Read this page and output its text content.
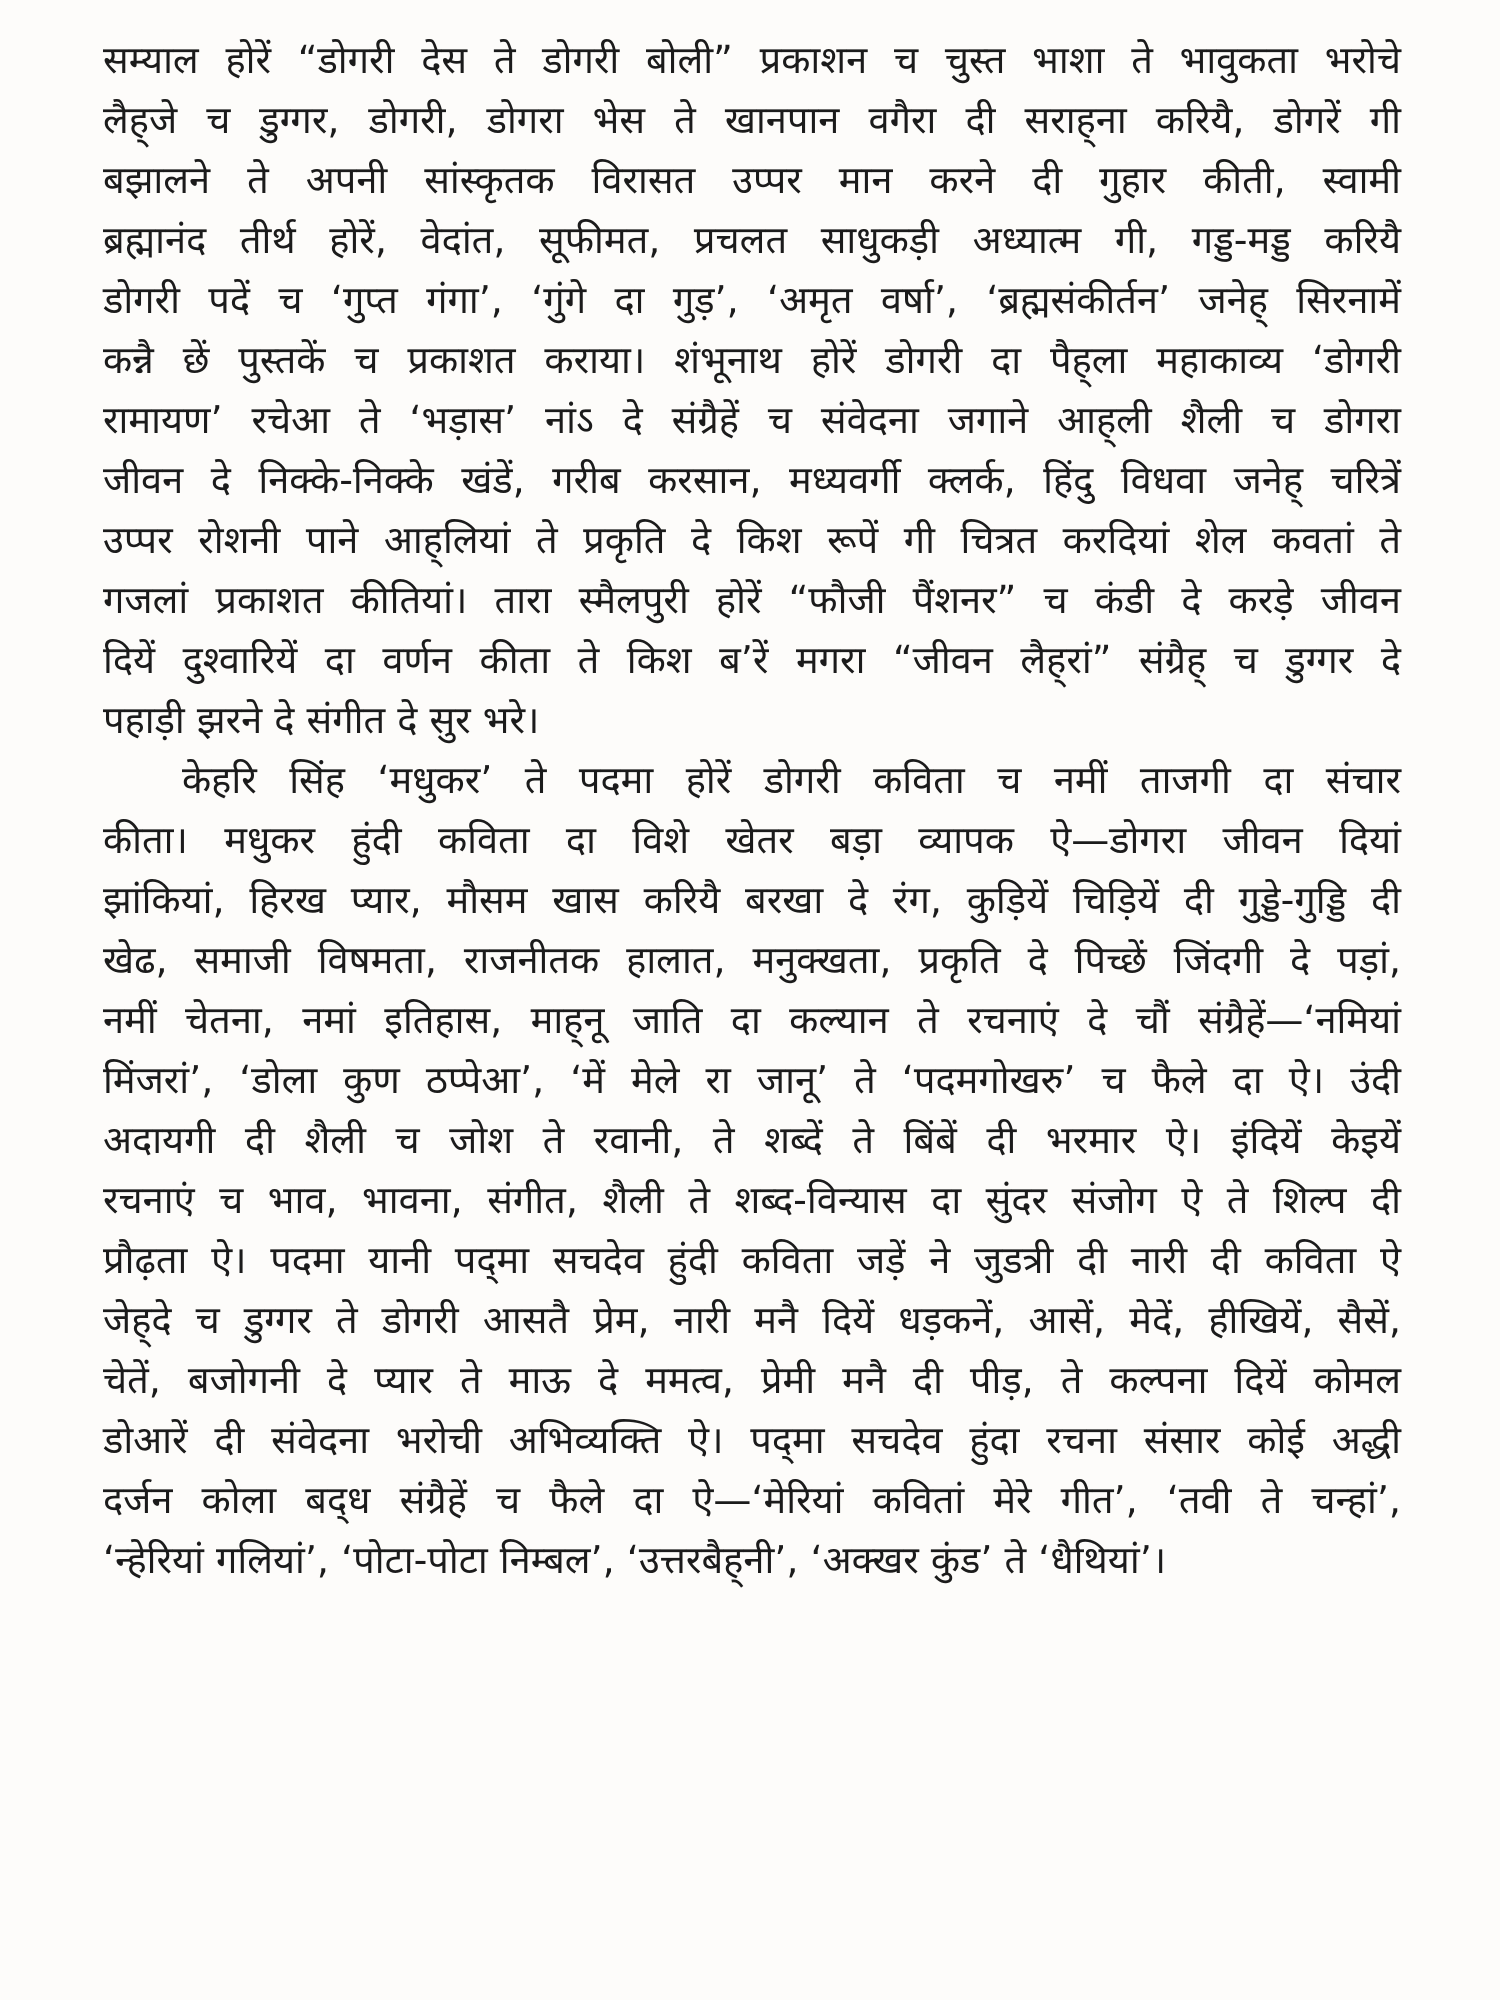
सम्याल होरें “डोगरी देस ते डोगरी बोली” प्रकाशन च चुस्त भाशा ते भावुकता भरोचे
लैह्‌जे च डुग्गर, डोगरी, डोगरा भेस ते खानपान वगैरा दी सराह्‌ना करियै, डोगरें गी
बझालने ते अपनी सांस्कृतक विरासत उप्पर मान करने दी गुहार कीती, स्वामी
ब्रह्मानंद तीर्थ होरें, वेदांत, सूफीमत, प्रचलत साधुकड़ी अध्यात्म गी, गड्ड-मड्ड करियै
डोगरी पदें च ‘गुप्त गंगा’, ‘गुंगे दा गुड़’, ‘अमृत वर्षा’, ‘ब्रह्मसंकीर्तन’ जनेह्‌ सिरनामें
कन्नै छें पुस्तकें च प्रकाशत कराया। शंभूनाथ होरें डोगरी दा पैह्‌ला महाकाव्य ‘डोगरी
रामायण’ रचेआ ते ‘भड़ास’ नांऽ दे संग्रैहें च संवेदना जगाने आह्‌ली शैली च डोगरा
जीवन दे निक्के-निक्के खंडें, गरीब करसान, मध्यवर्गी क्लर्क, हिंदु विधवा जनेह्‌ चरित्रें
उप्पर रोशनी पाने आह्‌लियां ते प्रकृति दे किश रूपें गी चित्रत करदियां शेल कवतां ते
गजलां प्रकाशत कीतियां। तारा स्मैलपुरी होरें “फौजी पैंशनर” च कंडी दे करड़े जीवन
दियें दुश्वारियें दा वर्णन कीता ते किश ब’रें मगरा “जीवन लैह्‌रां” संग्रैह्‌ च डुग्गर दे
पहाड़ी झरने दे संगीत दे सुर भरे।
केहरि सिंह ‘मधुकर’ ते पदमा होरें डोगरी कविता च नमीं ताजगी दा संचार
कीता। मधुकर हुंदी कविता दा विशे खेतर बड़ा व्यापक ऐ—डोगरा जीवन दियां
झांकियां, हिरख प्यार, मौसम खास करियै बरखा दे रंग, कुड़ियें चिड़ियें दी गुड्डे-गुड्डि दी
खेढ, समाजी विषमता, राजनीतक हालात, मनुक्खता, प्रकृति दे पिच्छें जिंदगी दे पड़ां,
नमीं चेतना, नमां इतिहास, माह्‌नू जाति दा कल्यान ते रचनाएं दे चौं संग्रैहें—‘नमियां
मिंजरां’, ‘डोला कुण ठप्पेआ’, ‘में मेले रा जानू’ ते ‘पदमगोखरु’ च फैले दा ऐ। उंदी
अदायगी दी शैली च जोश ते रवानी, ते शब्दें ते बिंबें दी भरमार ऐ। इंदियें केइयें
रचनाएं च भाव, भावना, संगीत, शैली ते शब्द-विन्यास दा सुंदर संजोग ऐ ते शिल्प दी
प्रौढ़ता ऐ। पदमा यानी पद्‌मा सचदेव हुंदी कविता जड़ें ने जुडत्री दी नारी दी कविता ऐ
जेह्‌दे च डुग्गर ते डोगरी आसतै प्रेम, नारी मनै दियें धड़कनें, आसें, मेदें, हीखियें, सैसें,
चेतें, बजोगनी दे प्यार ते माऊ दे ममत्व, प्रेमी मनै दी पीड़, ते कल्पना दियें कोमल
डोआरें दी संवेदना भरोची अभिव्यक्ति ऐ। पद्‌मा सचदेव हुंदा रचना संसार कोई अद्धी
दर्जन कोला बद्‌ध संग्रैहें च फैले दा ऐ—‘मेरियां कवितां मेरे गीत’, ‘तवी ते चन्हां’,
‘न्हेरियां गलियां’, ‘पोटा-पोटा निम्बल’, ‘उत्तरबैह्‌नी’, ‘अक्खर कुंड’ ते ‘धैथियां’।
